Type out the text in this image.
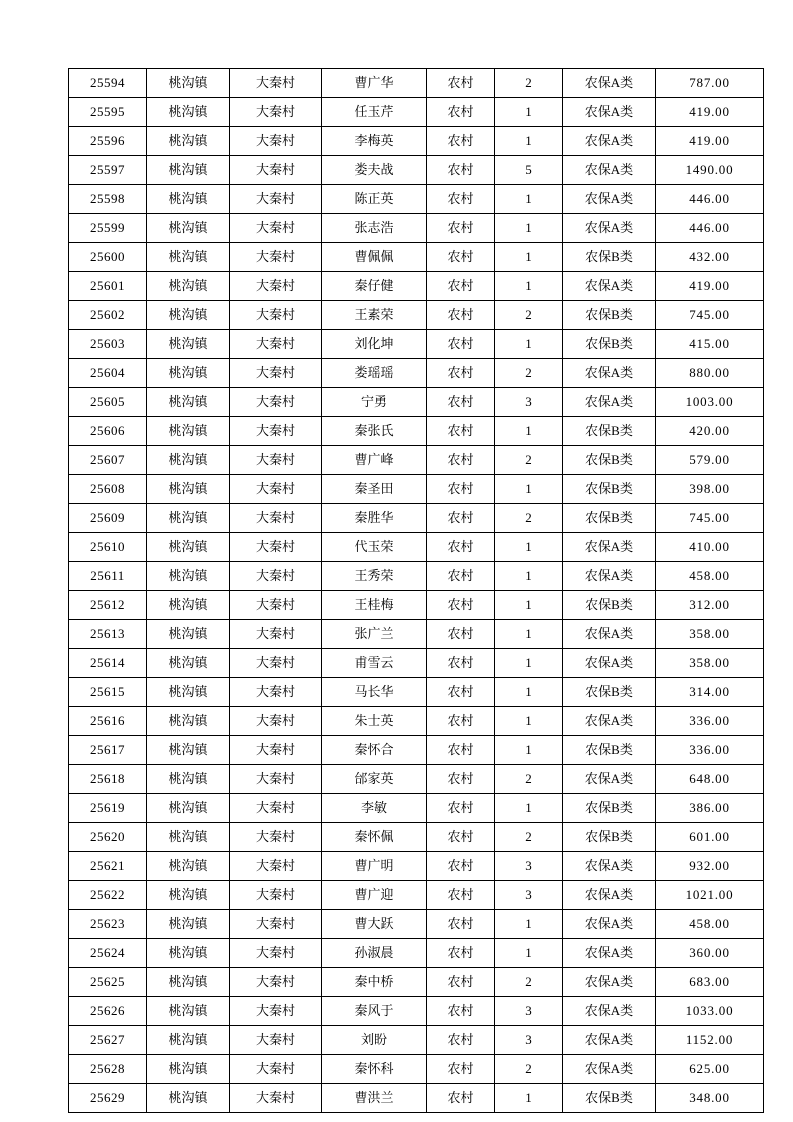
25594	桃沟镇	大秦村	曹广华	农村	2	农保A类	787.00
25595	桃沟镇	大秦村	任玉芹	农村	1	农保A类	419.00
25596	桃沟镇	大秦村	李梅英	农村	1	农保A类	419.00
25597	桃沟镇	大秦村	娄夫战	农村	5	农保A类	1490.00
25598	桃沟镇	大秦村	陈正英	农村	1	农保A类	446.00
25599	桃沟镇	大秦村	张志浩	农村	1	农保A类	446.00
25600	桃沟镇	大秦村	曹佩佩	农村	1	农保B类	432.00
25601	桃沟镇	大秦村	秦仔健	农村	1	农保A类	419.00
25602	桃沟镇	大秦村	王素荣	农村	2	农保B类	745.00
25603	桃沟镇	大秦村	刘化坤	农村	1	农保B类	415.00
25604	桃沟镇	大秦村	娄瑶瑶	农村	2	农保A类	880.00
25605	桃沟镇	大秦村	宁勇	农村	3	农保A类	1003.00
25606	桃沟镇	大秦村	秦张氏	农村	1	农保B类	420.00
25607	桃沟镇	大秦村	曹广峰	农村	2	农保B类	579.00
25608	桃沟镇	大秦村	秦圣田	农村	1	农保B类	398.00
25609	桃沟镇	大秦村	秦胜华	农村	2	农保B类	745.00
25610	桃沟镇	大秦村	代玉荣	农村	1	农保A类	410.00
25611	桃沟镇	大秦村	王秀荣	农村	1	农保A类	458.00
25612	桃沟镇	大秦村	王桂梅	农村	1	农保B类	312.00
25613	桃沟镇	大秦村	张广兰	农村	1	农保A类	358.00
25614	桃沟镇	大秦村	甫雪云	农村	1	农保A类	358.00
25615	桃沟镇	大秦村	马长华	农村	1	农保B类	314.00
25616	桃沟镇	大秦村	朱士英	农村	1	农保A类	336.00
25617	桃沟镇	大秦村	秦怀合	农村	1	农保B类	336.00
25618	桃沟镇	大秦村	邰家英	农村	2	农保A类	648.00
25619	桃沟镇	大秦村	李敏	农村	1	农保B类	386.00
25620	桃沟镇	大秦村	秦怀佩	农村	2	农保B类	601.00
25621	桃沟镇	大秦村	曹广明	农村	3	农保A类	932.00
25622	桃沟镇	大秦村	曹广迎	农村	3	农保A类	1021.00
25623	桃沟镇	大秦村	曹大跃	农村	1	农保A类	458.00
25624	桃沟镇	大秦村	孙淑晨	农村	1	农保A类	360.00
25625	桃沟镇	大秦村	秦中桥	农村	2	农保A类	683.00
25626	桃沟镇	大秦村	秦风于	农村	3	农保A类	1033.00
25627	桃沟镇	大秦村	刘盼	农村	3	农保A类	1152.00
25628	桃沟镇	大秦村	秦怀科	农村	2	农保A类	625.00
25629	桃沟镇	大秦村	曹洪兰	农村	1	农保B类	348.00
